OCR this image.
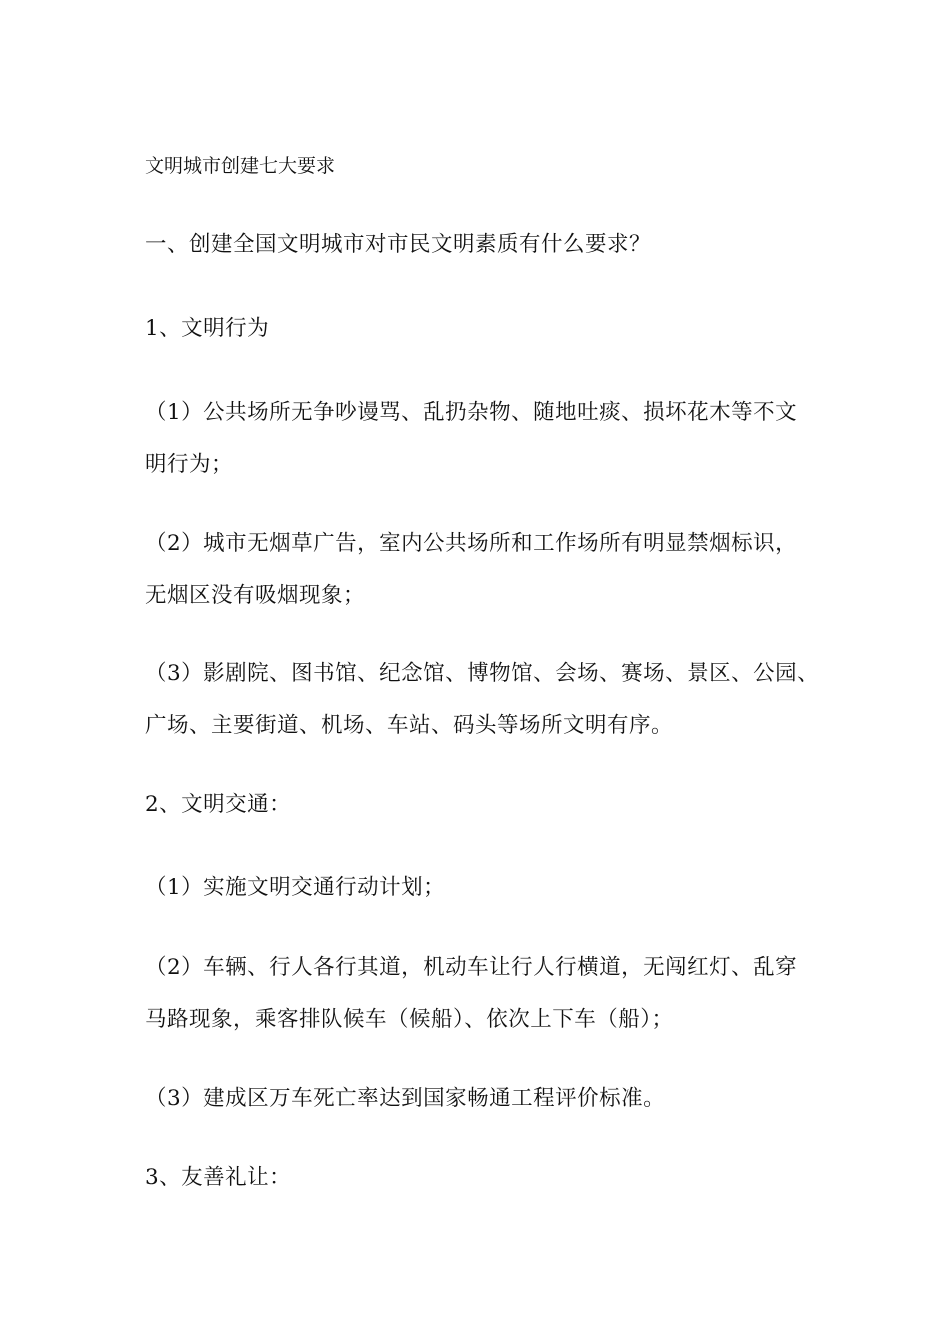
文明城市创建七大要求
一、创建全国文明城市对市民文明素质有什么要求？
1、文明行为
（1）公共场所无争吵谩骂、乱扔杂物、随地吐痰、损坏花木等不文
明行为；
（2）城市无烟草广告，室内公共场所和工作场所有明显禁烟标识，
无烟区没有吸烟现象；
（3）影剧院、图书馆、纪念馆、博物馆、会场、赛场、景区、公园、
广场、主要街道、机场、车站、码头等场所文明有序。
2、文明交通：
（1）实施文明交通行动计划；
（2）车辆、行人各行其道，机动车让行人行横道，无闯红灯、乱穿
马路现象，乘客排队候车（候船）、依次上下车（船）；
（3）建成区万车死亡率达到国家畅通工程评价标准。
3、友善礼让：
